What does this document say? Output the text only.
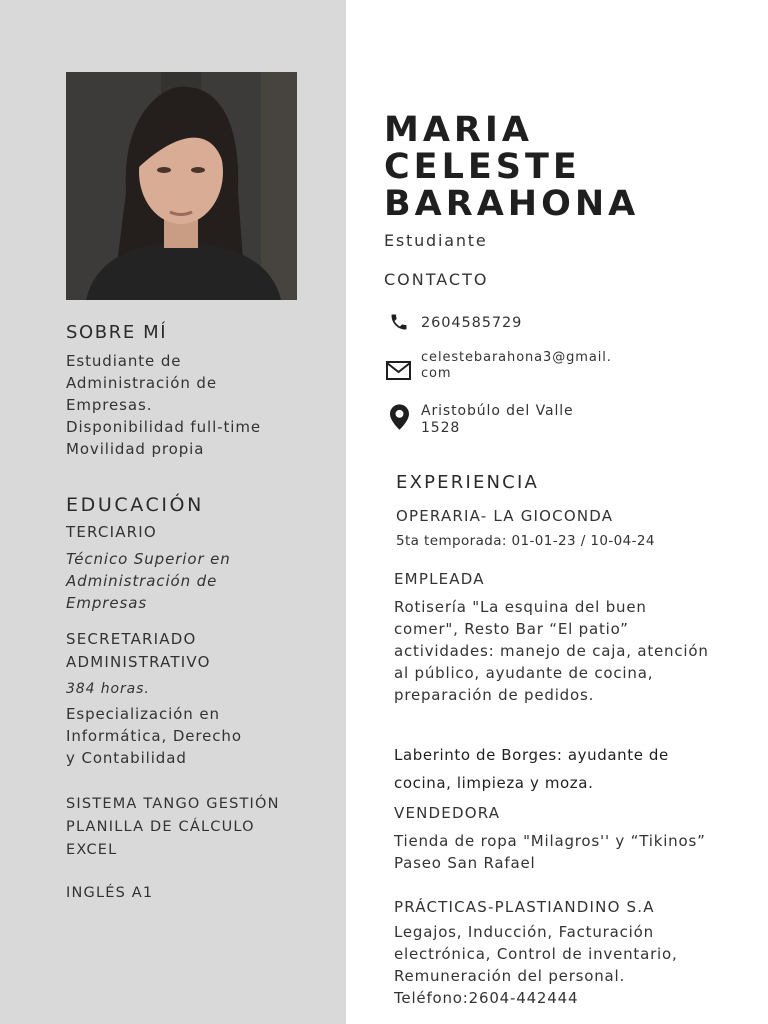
SOBRE MÍ
Estudiante de
Administración de
Empresas.
Disponibilidad full-time
Movilidad propia
EDUCACIÓN
TERCIARIO
Técnico Superior en
Administración de
Empresas
SECRETARIADO
ADMINISTRATIVO
384 horas.
Especialización en
Informática, Derecho
y Contabilidad
SISTEMA TANGO GESTIÓN
PLANILLA DE CÁLCULO
EXCEL
INGLÉS A1
MARIA
CELESTE
BARAHONA
Estudiante
CONTACTO
2604585729
celestebarahona3@gmail.
com
Aristobúlo del Valle
1528
EXPERIENCIA
OPERARIA- LA GIOCONDA
5ta temporada: 01-01-23 / 10-04-24
EMPLEADA
Rotisería "La esquina del buen
comer", Resto Bar “El patio”
actividades: manejo de caja, atención
al público, ayudante de cocina,
preparación de pedidos.
Laberinto de Borges: ayudante de
cocina, limpieza y moza.
VENDEDORA
Tienda de ropa "Milagros'' y “Tikinos”
Paseo San Rafael
PRÁCTICAS-PLASTIANDINO S.A
Legajos, Inducción, Facturación
electrónica, Control de inventario,
Remuneración del personal.
Teléfono:2604-442444
